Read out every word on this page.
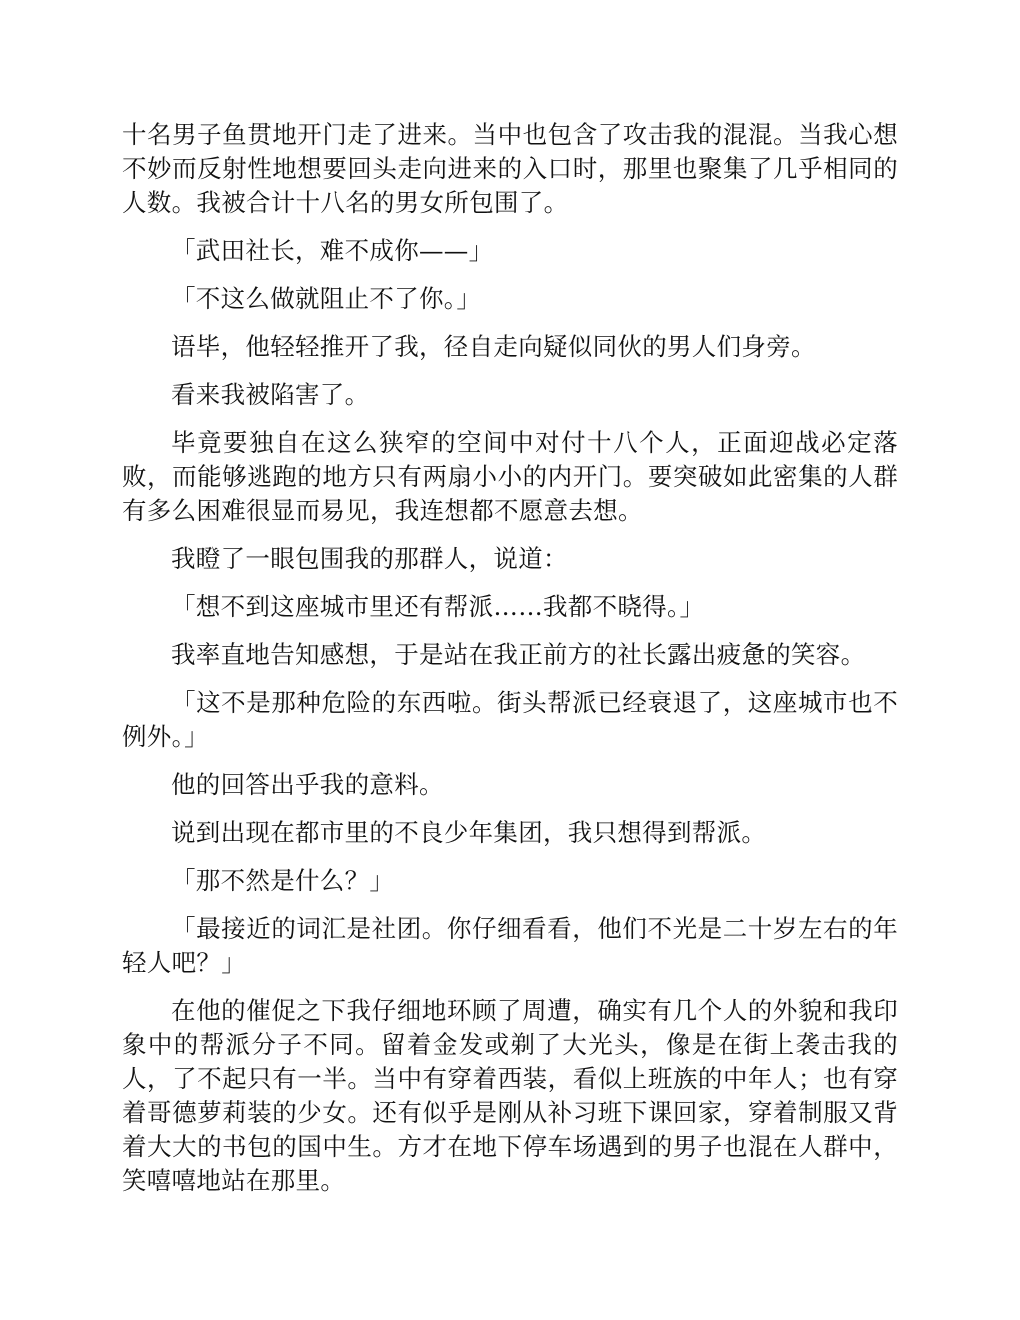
十名男子鱼贯地开门走了进来。当中也包含了攻击我的混混。当我心想不妙而反射性地想要回头走向进来的入口时，那里也聚集了几乎相同的人数。我被合计十八名的男女所包围了。

「武田社长，难不成你——」

「不这么做就阻止不了你。」

语毕，他轻轻推开了我，径自走向疑似同伙的男人们身旁。

看来我被陷害了。

毕竟要独自在这么狭窄的空间中对付十八个人，正面迎战必定落败，而能够逃跑的地方只有两扇小小的内开门。要突破如此密集的人群有多么困难很显而易见，我连想都不愿意去想。

我瞪了一眼包围我的那群人，说道：

「想不到这座城市里还有帮派……我都不晓得。」

我率直地告知感想，于是站在我正前方的社长露出疲惫的笑容。

「这不是那种危险的东西啦。街头帮派已经衰退了，这座城市也不例外。」

他的回答出乎我的意料。

说到出现在都市里的不良少年集团，我只想得到帮派。

「那不然是什么？」

「最接近的词汇是社团。你仔细看看，他们不光是二十岁左右的年轻人吧？」

在他的催促之下我仔细地环顾了周遭，确实有几个人的外貌和我印象中的帮派分子不同。留着金发或剃了大光头，像是在街上袭击我的人，了不起只有一半。当中有穿着西装，看似上班族的中年人；也有穿着哥德萝莉装的少女。还有似乎是刚从补习班下课回家，穿着制服又背着大大的书包的国中生。方才在地下停车场遇到的男子也混在人群中，笑嘻嘻地站在那里。
